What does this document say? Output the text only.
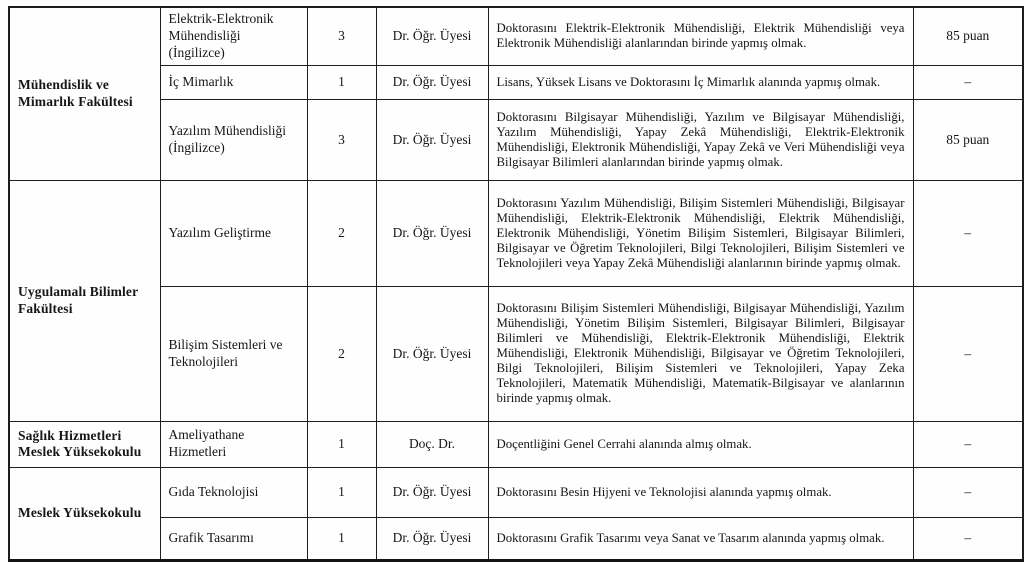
Mühendislik ve Mimarlık Fakültesi	Elektrik-Elektronik Mühendisliği (İngilizce)	3	Dr. Öğr. Üyesi	Doktorasını Elektrik-Elektronik Mühendisliği, Elektrik Mühendisliği veya Elektronik Mühendisliği alanlarından birinde yapmış olmak.	85 puan
	İç Mimarlık	1	Dr. Öğr. Üyesi	Lisans, Yüksek Lisans ve Doktorasını İç Mimarlık alanında yapmış olmak.	–
	Yazılım Mühendisliği (İngilizce)	3	Dr. Öğr. Üyesi	Doktorasını Bilgisayar Mühendisliği, Yazılım ve Bilgisayar Mühendisliği, Yazılım Mühendisliği, Yapay Zekâ Mühendisliği, Elektrik-Elektronik Mühendisliği, Elektronik Mühendisliği, Yapay Zekâ ve Veri Mühendisliği veya Bilgisayar Bilimleri alanlarından birinde yapmış olmak.	85 puan
Uygulamalı Bilimler Fakültesi	Yazılım Geliştirme	2	Dr. Öğr. Üyesi	Doktorasını Yazılım Mühendisliği, Bilişim Sistemleri Mühendisliği, Bilgisayar Mühendisliği, Elektrik-Elektronik Mühendisliği, Elektrik Mühendisliği, Elektronik Mühendisliği, Yönetim Bilişim Sistemleri, Bilgisayar Bilimleri, Bilgisayar ve Öğretim Teknolojileri, Bilgi Teknolojileri, Bilişim Sistemleri ve Teknolojileri veya Yapay Zekâ Mühendisliği alanlarının birinde yapmış olmak.	–
	Bilişim Sistemleri ve Teknolojileri	2	Dr. Öğr. Üyesi	Doktorasını Bilişim Sistemleri Mühendisliği, Bilgisayar Mühendisliği, Yazılım Mühendisliği, Yönetim Bilişim Sistemleri, Bilgisayar Bilimleri, Bilgisayar Bilimleri ve Mühendisliği, Elektrik-Elektronik Mühendisliği, Elektrik Mühendisliği, Elektronik Mühendisliği, Bilgisayar ve Öğretim Teknolojileri, Bilgi Teknolojileri, Bilişim Sistemleri ve Teknolojileri, Yapay Zeka Teknolojileri, Matematik Mühendisliği, Matematik-Bilgisayar ve alanlarının birinde yapmış olmak.	–
Sağlık Hizmetleri Meslek Yüksekokulu	Ameliyathane Hizmetleri	1	Doç. Dr.	Doçentliğini Genel Cerrahi alanında almış olmak.	–
Meslek Yüksekokulu	Gıda Teknolojisi	1	Dr. Öğr. Üyesi	Doktorasını Besin Hijyeni ve Teknolojisi alanında yapmış olmak.	–
	Grafik Tasarımı	1	Dr. Öğr. Üyesi	Doktorasını Grafik Tasarımı veya Sanat ve Tasarım alanında yapmış olmak.	–
